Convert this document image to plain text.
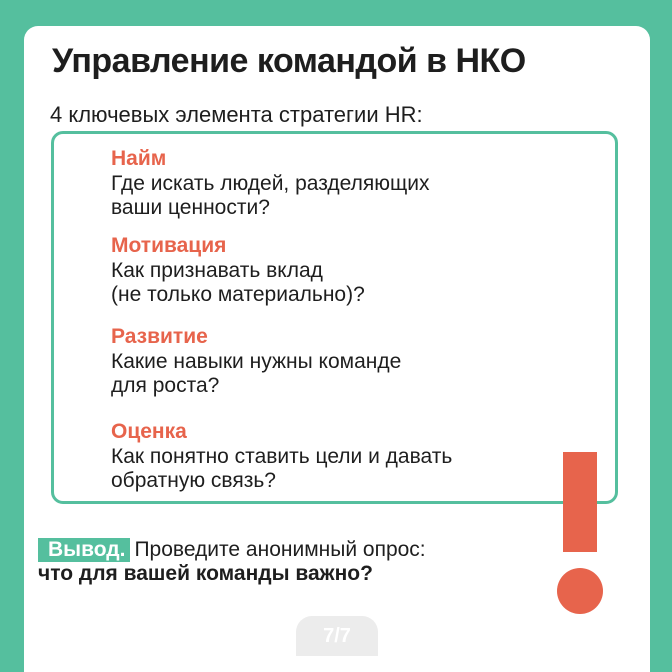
Управление командой в НКО
4 ключевых элемента стратегии HR:
Найм
Где искать людей, разделяющих
ваши ценности?
Мотивация
Как признавать вклад
(не только материально)?
Развитие
Какие навыки нужны команде
для роста?
Оценка
Как понятно ставить цели и давать
обратную связь?
Вывод. Проведите анонимный опрос:
что для вашей команды важно?
7/7
